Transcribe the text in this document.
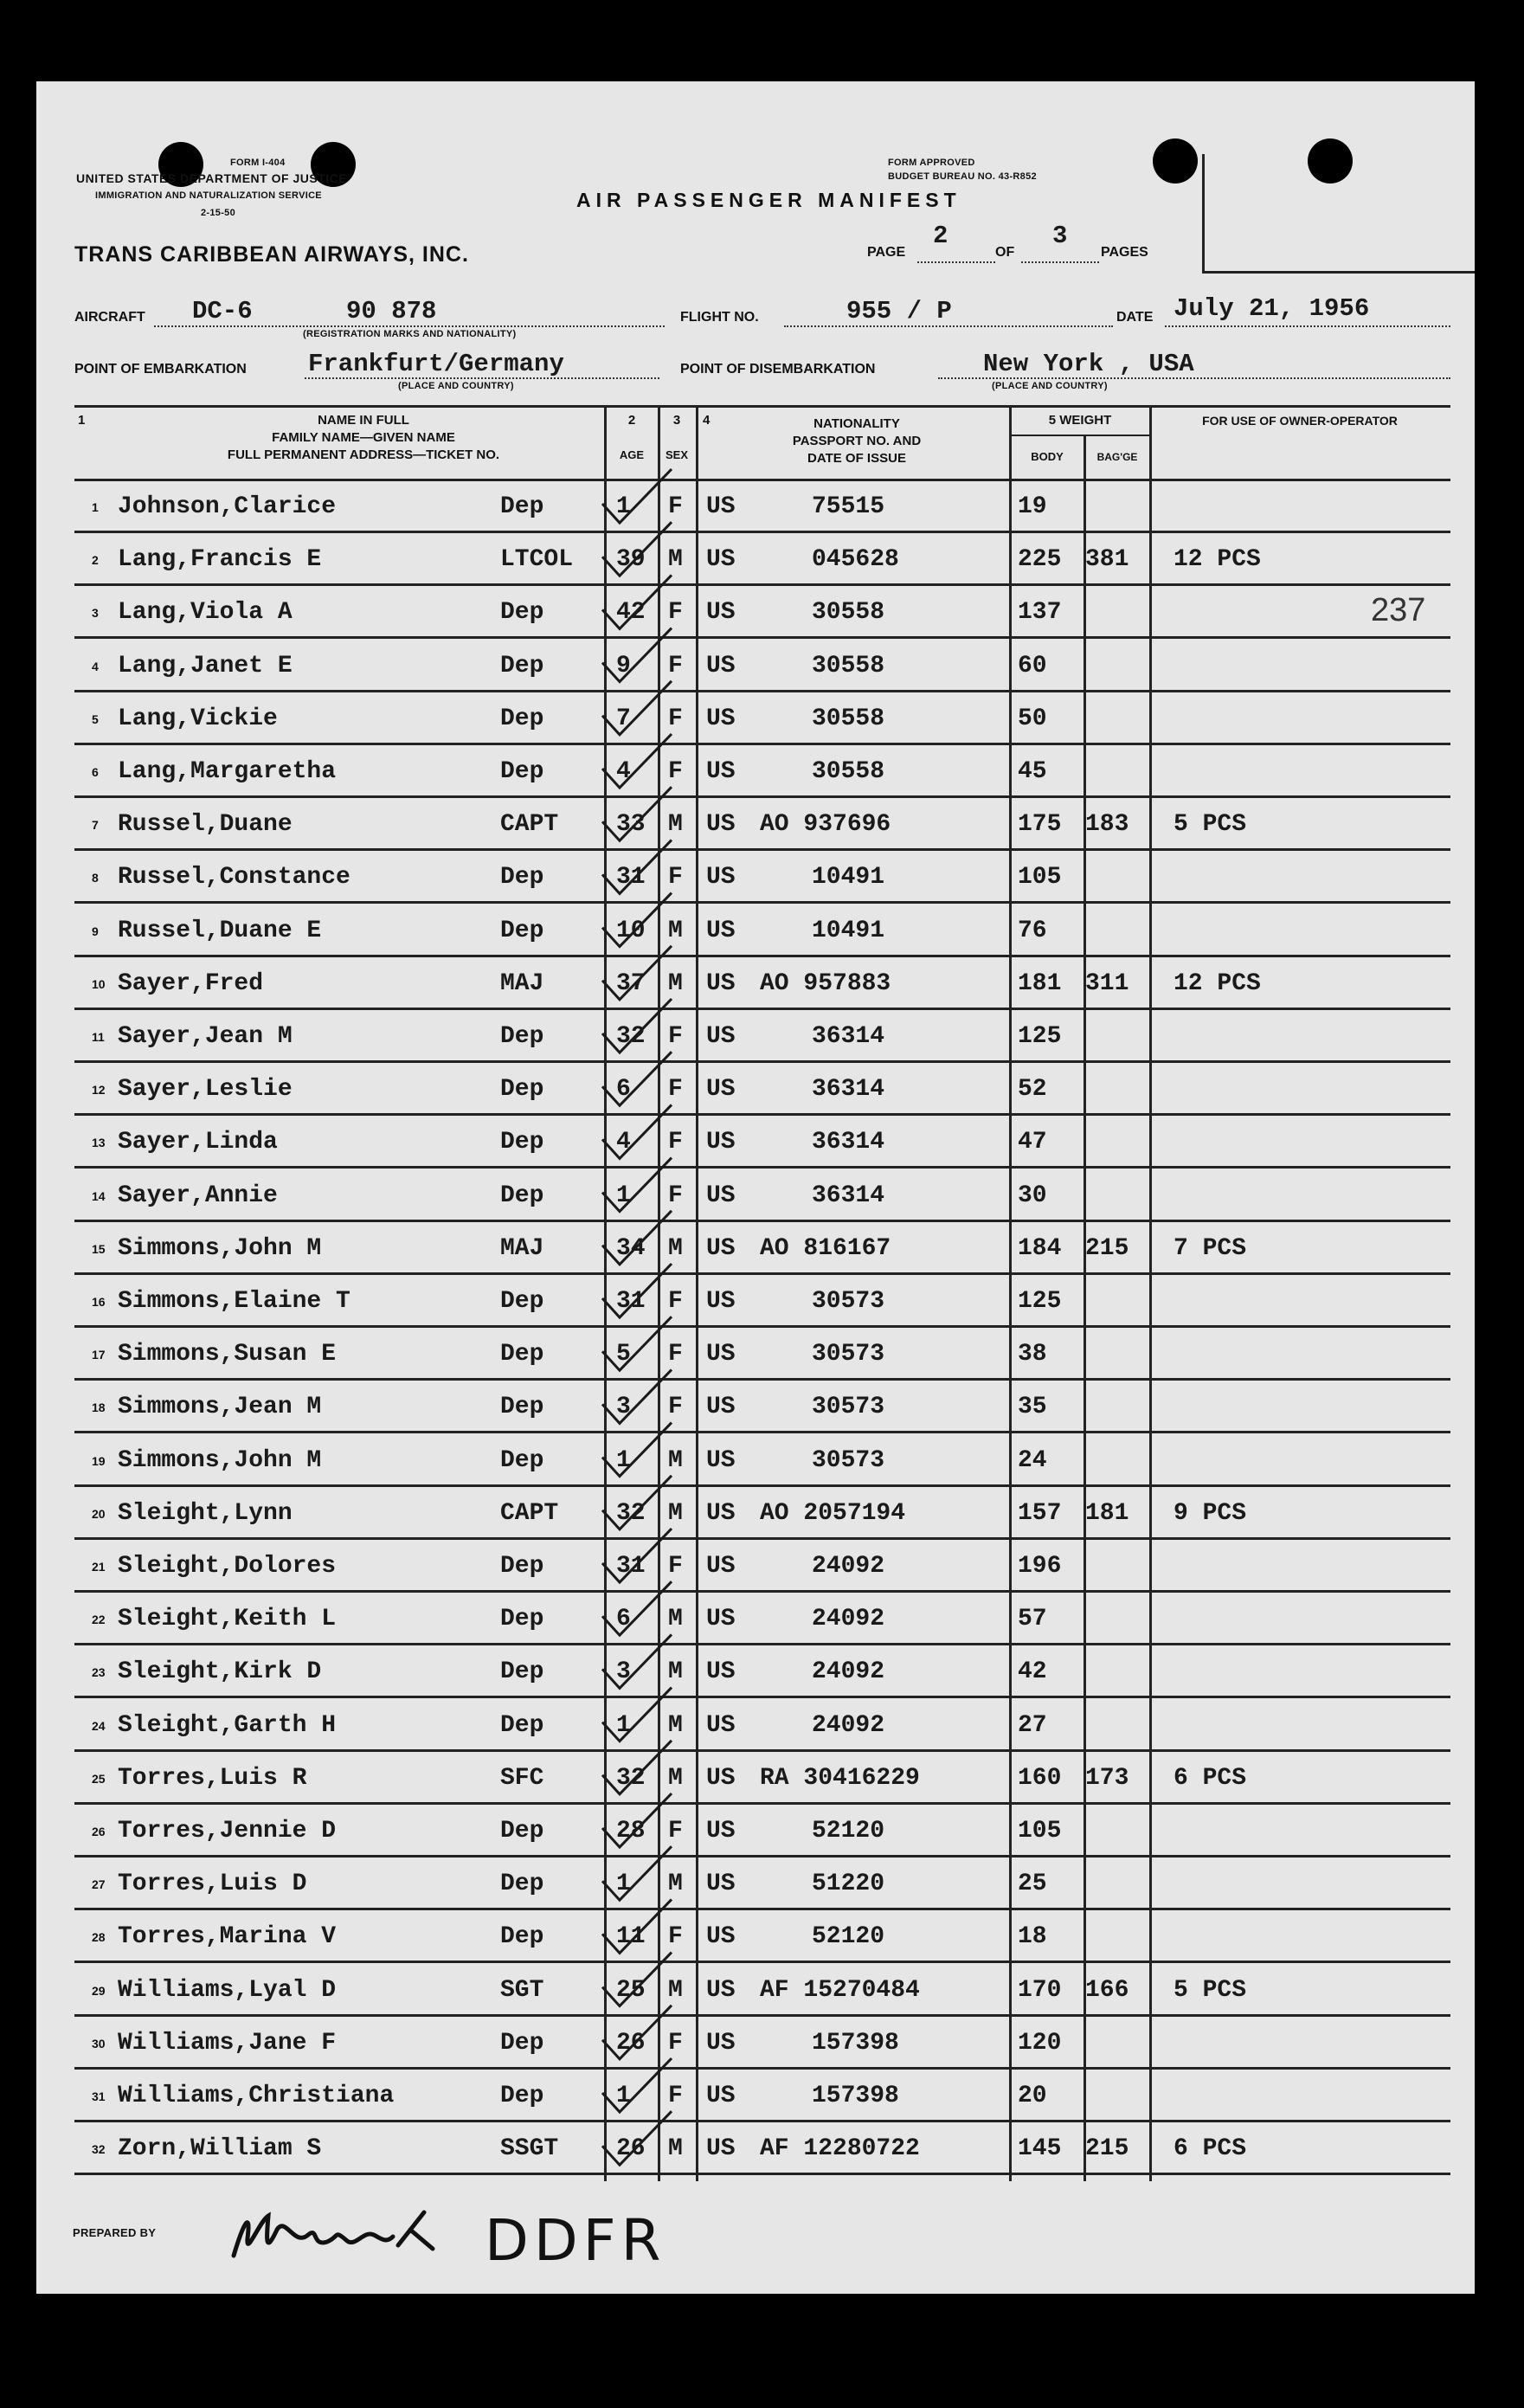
FORM I-404
UNITED STATES DEPARTMENT OF JUSTICE
IMMIGRATION AND NATURALIZATION SERVICE
2-15-50
TRANS CARIBBEAN AIRWAYS, INC.
FORM APPROVED
BUDGET BUREAU NO. 43-R852
AIR PASSENGER MANIFEST
PAGE
2
OF
3
PAGES
AIRCRAFT DC-6	90 878
(REGISTRATION MARKS AND NATIONALITY)
FLIGHT NO.	955 / P	DATE July 21, 1956
POINT OF EMBARKATION Frankfurt/Germany
(PLACE AND COUNTRY)
POINT OF DISEMBARKATION	New York , USA
(PLACE AND COUNTRY)
1	NAME IN FULL
FAMILY NAME—GIVEN NAME
FULL PERMANENT ADDRESS—TICKET NO.
2
AGE
3
SEX
4	NATIONALITY
PASSPORT NO. AND
DATE OF ISSUE
5 WEIGHT
BODY	BAG'GE
FOR USE OF OWNER-OPERATOR
1 Johnson,Clarice	Dep	1 F US	75515	19
2 Lang,Francis E	LTCOL 39 M US	045628	225 381 12 PCS
3 Lang,Viola A	Dep	42 F US	30558	137
4 Lang,Janet E	Dep	9 F US	30558	60
5 Lang,Vickie	Dep	7 F US	30558	50
6 Lang,Margaretha	Dep	4 F US	30558	45
7 Russel,Duane	CAPT 33 M US AO 937696	175 183 5 PCS
8 Russel,Constance	Dep	31 F US	10491	105
9 Russel,Duane E	Dep	10 M US	10491	76
10 Sayer,Fred	MAJ	37 M US AO 957883	181 311 12 PCS
11 Sayer,Jean M	Dep	32 F US	36314	125
12 Sayer,Leslie	Dep	6 F US	36314	52
13 Sayer,Linda	Dep	4 F US	36314	47
14 Sayer,Annie	Dep	1 F US	36314	30
15 Simmons,John M	MAJ	34 M US AO 816167	184 215 7 PCS
16 Simmons,Elaine T	Dep	31 F US	30573	125
17 Simmons,Susan E	Dep	5 F US	30573	38
18 Simmons,Jean M	Dep	3 F US	30573	35
19 Simmons,John M	Dep	1 M US	30573	24
20 Sleight,Lynn	CAPT 32 M US AO 2057194	157 181 9 PCS
21 Sleight,Dolores	Dep	31 F US	24092	196
22 Sleight,Keith L	Dep	6 M US	24092	57
23 Sleight,Kirk D	Dep	3 M US	24092	42
24 Sleight,Garth H	Dep	1 M US	24092	27
25 Torres,Luis R	SFC	32 M US RA 30416229	160 173 6 PCS
26 Torres,Jennie D	Dep	28 F US	52120	105
27 Torres,Luis D	Dep	1 M US	51220	25
28 Torres,Marina V	Dep	11 F US	52120	18
29 Williams,Lyal D	SGT	25 M US AF 15270484	170 166 5 PCS
30 Williams,Jane F	Dep	26 F US	157398	120
31 Williams,Christiana	Dep	1 F US	157398	20
32 Zorn,William S	SSGT 26 M US AF 12280722	145 215 6 PCS
237
PREPARED BY	DDFR
